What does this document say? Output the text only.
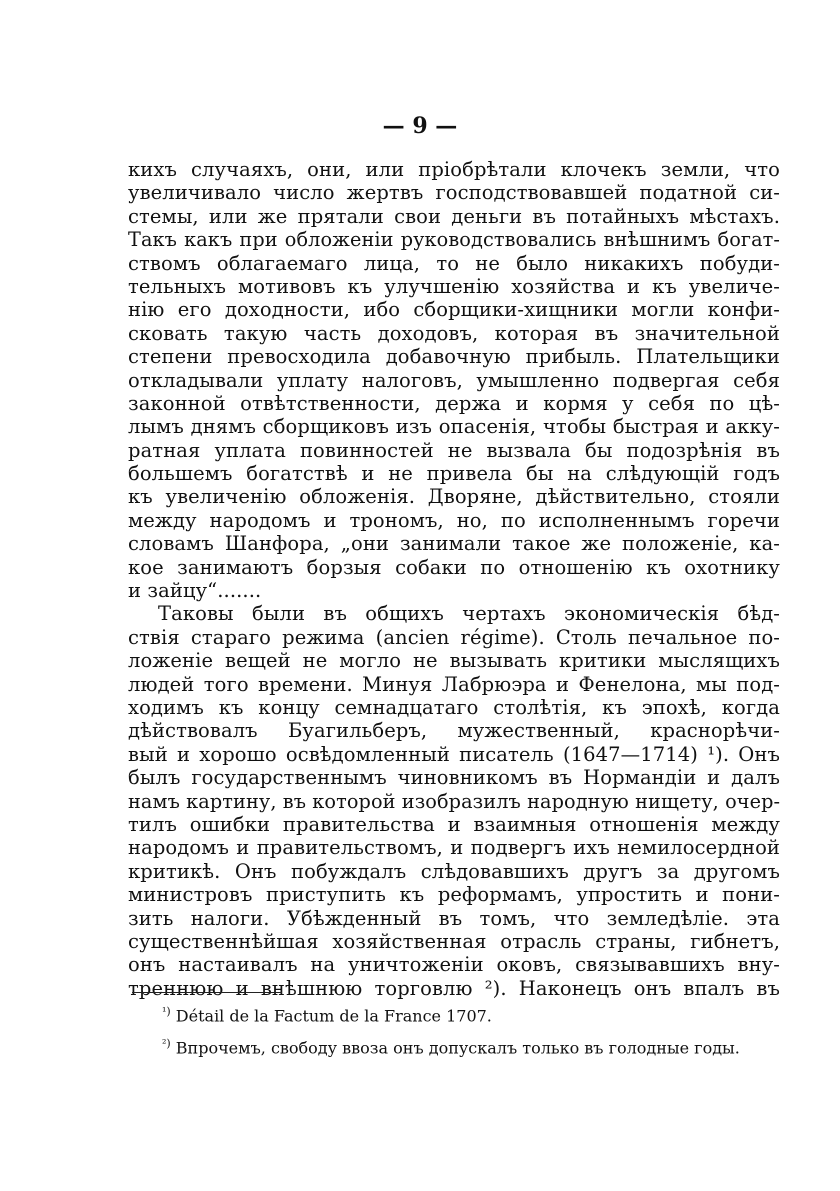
— 9 —
кихъ случаяхъ, они, или пріобрѣтали клочекъ земли, что
увеличивало число жертвъ господствовавшей податной си-
стемы, или же прятали свои деньги въ потайныхъ мѣстахъ.
Такъ какъ при обложеніи руководствовались внѣшнимъ богат-
ствомъ облагаемаго лица, то не было никакихъ побуди-
тельныхъ мотивовъ къ улучшенію хозяйства и къ увеличе-
нію его доходности, ибо сборщики-хищники могли конфи-
сковать такую часть доходовъ, которая въ значительной
степени превосходила добавочную прибыль. Плательщики
откладывали уплату налоговъ, умышленно подвергая себя
законной отвѣтственности, держа и кормя у себя по цѣ-
лымъ днямъ сборщиковъ изъ опасенія, чтобы быстрая и акку-
ратная уплата повинностей не вызвала бы подозрѣнія въ
большемъ богатствѣ и не привела бы на слѣдующій годъ
къ увеличенію обложенія. Дворяне, дѣйствительно, стояли
между народомъ и трономъ, но, по исполненнымъ горечи
словамъ Шанфора, „они занимали такое же положеніе, ка-
кое занимаютъ борзыя собаки по отношенію къ охотнику
и зайцу“.......
Таковы были въ общихъ чертахъ экономическія бѣд-
ствія стараго режима (ancien régime). Столь печальное по-
ложеніе вещей не могло не вызывать критики мыслящихъ
людей того времени. Минуя Лабрюэра и Фенелона, мы под-
ходимъ къ концу семнадцатаго столѣтія, къ эпохѣ, когда
дѣйствовалъ Буагильберъ, мужественный, краснорѣчи-
вый и хорошо освѣдомленный писатель (1647—1714) ¹). Онъ
былъ государственнымъ чиновникомъ въ Нормандіи и далъ
намъ картину, въ которой изобразилъ народную нищету, очер-
тилъ ошибки правительства и взаимныя отношенія между
народомъ и правительствомъ, и подвергъ ихъ немилосердной
критикѣ. Онъ побуждалъ слѣдовавшихъ другъ за другомъ
министровъ приступить къ реформамъ, упростить и пони-
зить налоги. Убѣжденный въ томъ, что земледѣліе. эта
существеннѣйшая хозяйственная отрасль страны, гибнетъ,
онъ настаивалъ на уничтоженіи оковъ, связывавшихъ вну-
треннюю и внѣшнюю торговлю ²). Наконецъ онъ впалъ въ
$^{^1)}$ Détail de la Factum de la France 1707.
$^{^2)}$ Впрочемъ, свободу ввоза онъ допускалъ только въ голодные годы.
